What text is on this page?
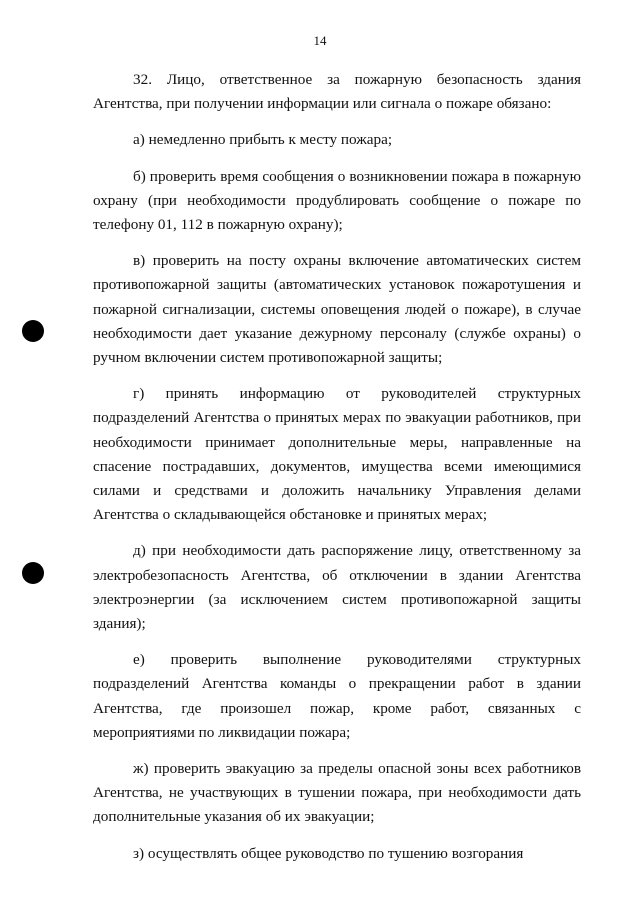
14

32. Лицо, ответственное за пожарную безопасность здания Агентства, при получении информации или сигнала о пожаре обязано:

а) немедленно прибыть к месту пожара;

б) проверить время сообщения о возникновении пожара в пожарную охрану (при необходимости продублировать сообщение о пожаре по телефону 01, 112 в пожарную охрану);

в) проверить на посту охраны включение автоматических систем противопожарной защиты (автоматических установок пожаротушения и пожарной сигнализации, системы оповещения людей о пожаре), в случае необходимости дает указание дежурному персоналу (службе охраны) о ручном включении систем противопожарной защиты;

г) принять информацию от руководителей структурных подразделений Агентства о принятых мерах по эвакуации работников, при необходимости принимает дополнительные меры, направленные на спасение пострадавших, документов, имущества всеми имеющимися силами и средствами и доложить начальнику Управления делами Агентства о складывающейся обстановке и принятых мерах;

д) при необходимости дать распоряжение лицу, ответственному за электробезопасность Агентства, об отключении в здании Агентства электроэнергии (за исключением систем противопожарной защиты здания);

е) проверить выполнение руководителями структурных подразделений Агентства команды о прекращении работ в здании Агентства, где произошел пожар, кроме работ, связанных с мероприятиями по ликвидации пожара;

ж) проверить эвакуацию за пределы опасной зоны всех работников Агентства, не участвующих в тушении пожара, при необходимости дать дополнительные указания об их эвакуации;

з) осуществлять общее руководство по тушению возгорания
